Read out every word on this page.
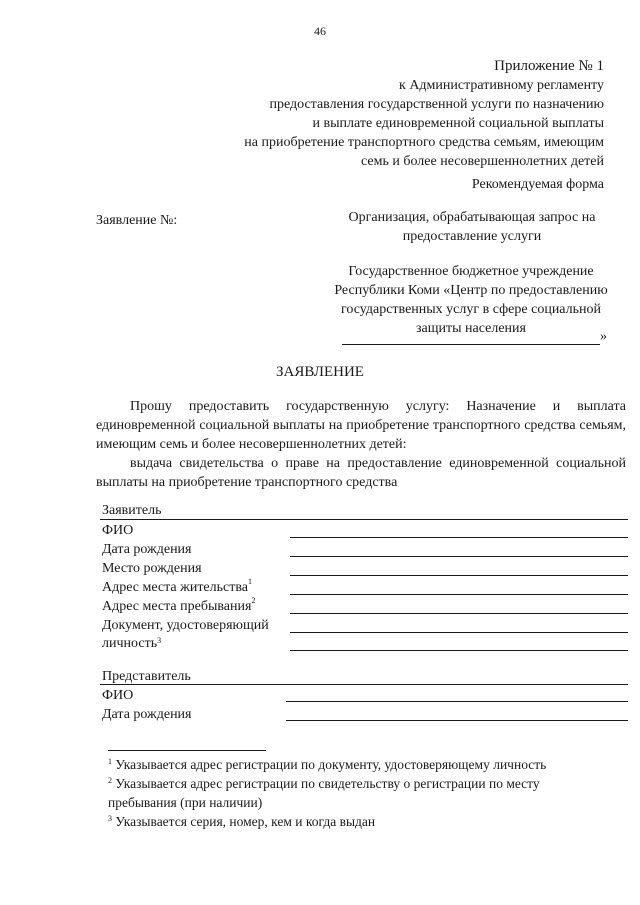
46
Приложение № 1
к Административному регламенту
предоставления государственной услуги по назначению
и выплате единовременной социальной выплаты
на приобретение транспортного средства семьям, имеющим
семь и более несовершеннолетних детей
Рекомендуемая форма
Заявление №:	Организация, обрабатывающая запрос на
предоставление услуги
Государственное бюджетное учреждение
Республики Коми «Центр по предоставлению
государственных услуг в сфере социальной
защиты населения
»
ЗАЯВЛЕНИЕ
Прошу предоставить государственную услугу: Назначение и выплата единовременной социальной выплаты на приобретение транспортного средства семьям, имеющим семь и более несовершеннолетних детей:
выдача свидетельства о праве на предоставление единовременной социальной выплаты на приобретение транспортного средства
Заявитель
ФИО
Дата рождения
Место рождения
Адрес места жительства$^1$
Адрес места пребывания$^2$
Документ, удостоверяющий
личность$^3$
Представитель
ФИО
Дата рождения
$^1$ Указывается адрес регистрации по документу, удостоверяющему личность
$^2$ Указывается адрес регистрации по свидетельству о регистрации по месту
пребывания (при наличии)
$^3$ Указывается серия, номер, кем и когда выдан
